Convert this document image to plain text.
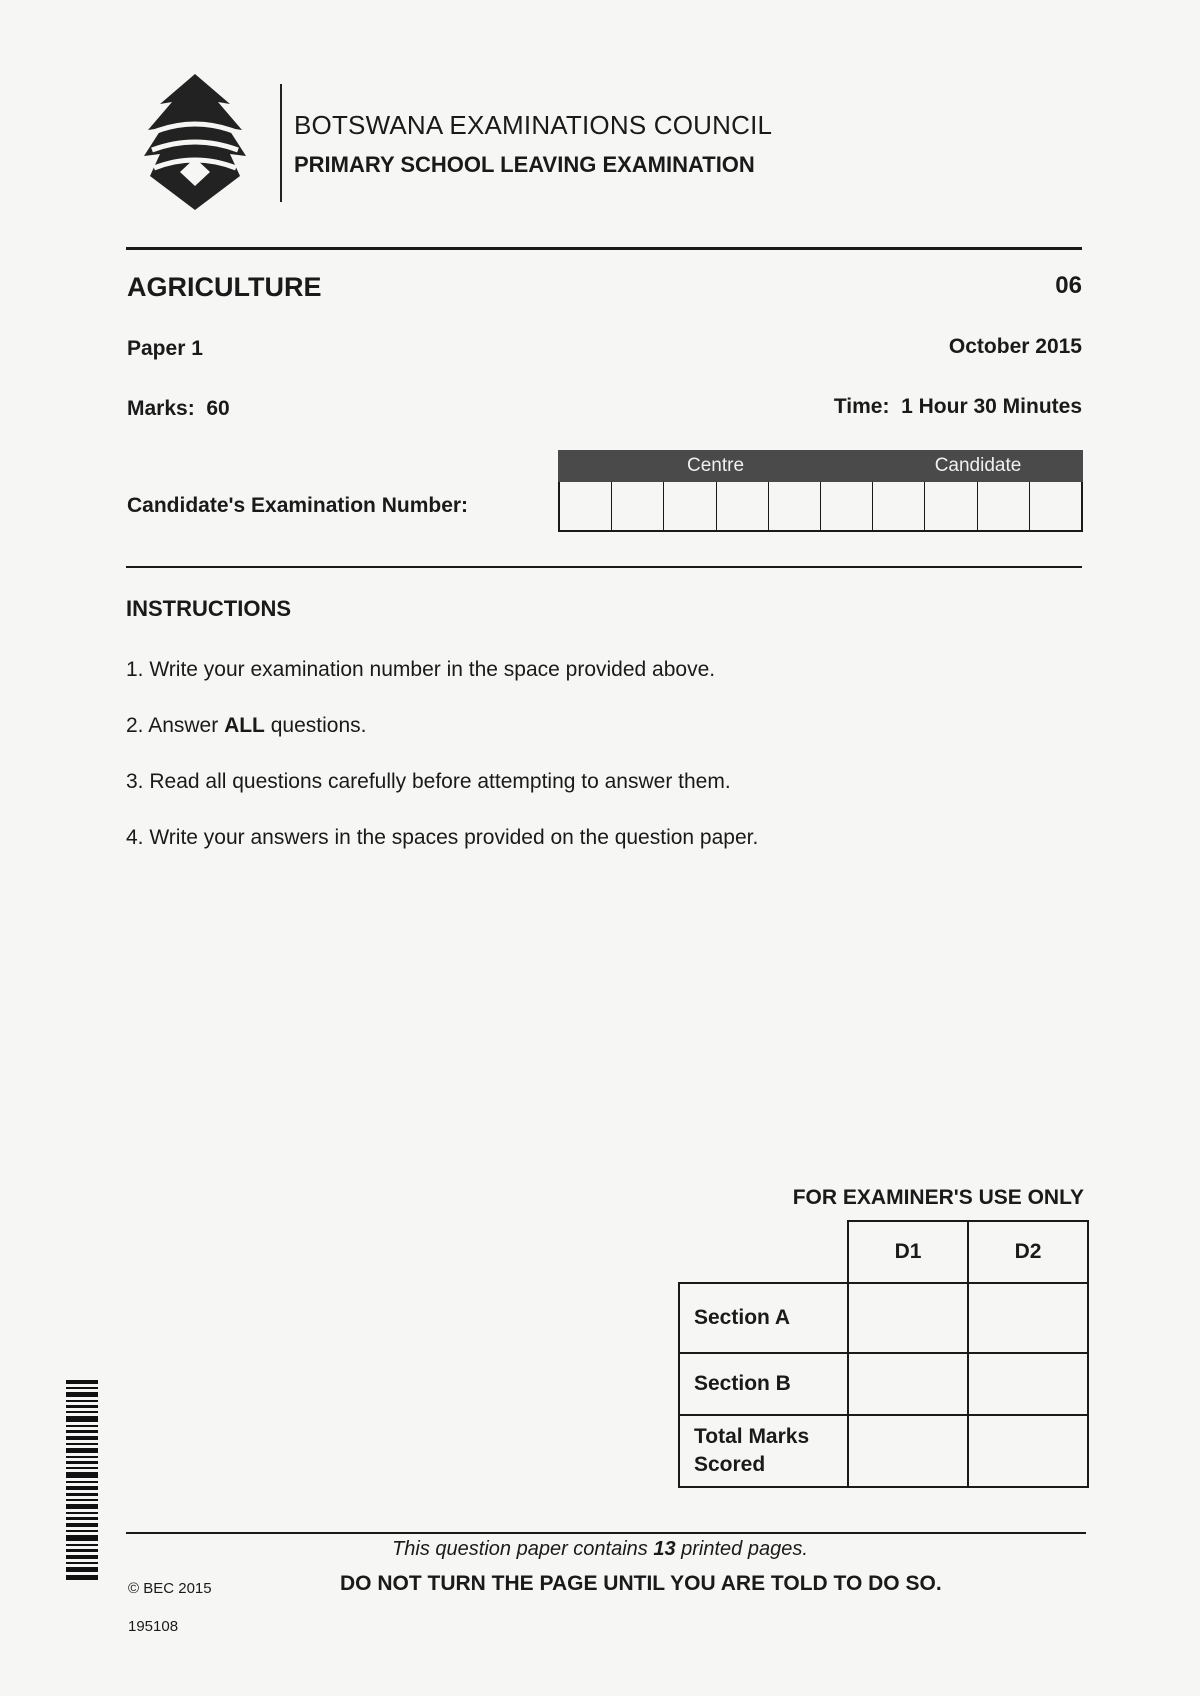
BOTSWANA EXAMINATIONS COUNCIL
PRIMARY SCHOOL LEAVING EXAMINATION
AGRICULTURE	06
Paper 1	October 2015
Marks: 60	Time: 1 Hour 30 Minutes
Candidate's Examination Number:
Centre	Candidate
INSTRUCTIONS
1. Write your examination number in the space provided above.
2. Answer ALL questions.
3. Read all questions carefully before attempting to answer them.
4. Write your answers in the spaces provided on the question paper.
FOR EXAMINER'S USE ONLY
	D1	D2
Section A		
Section B		
Total Marks Scored		
This question paper contains 13 printed pages.
DO NOT TURN THE PAGE UNTIL YOU ARE TOLD TO DO SO.
© BEC 2015
195108
